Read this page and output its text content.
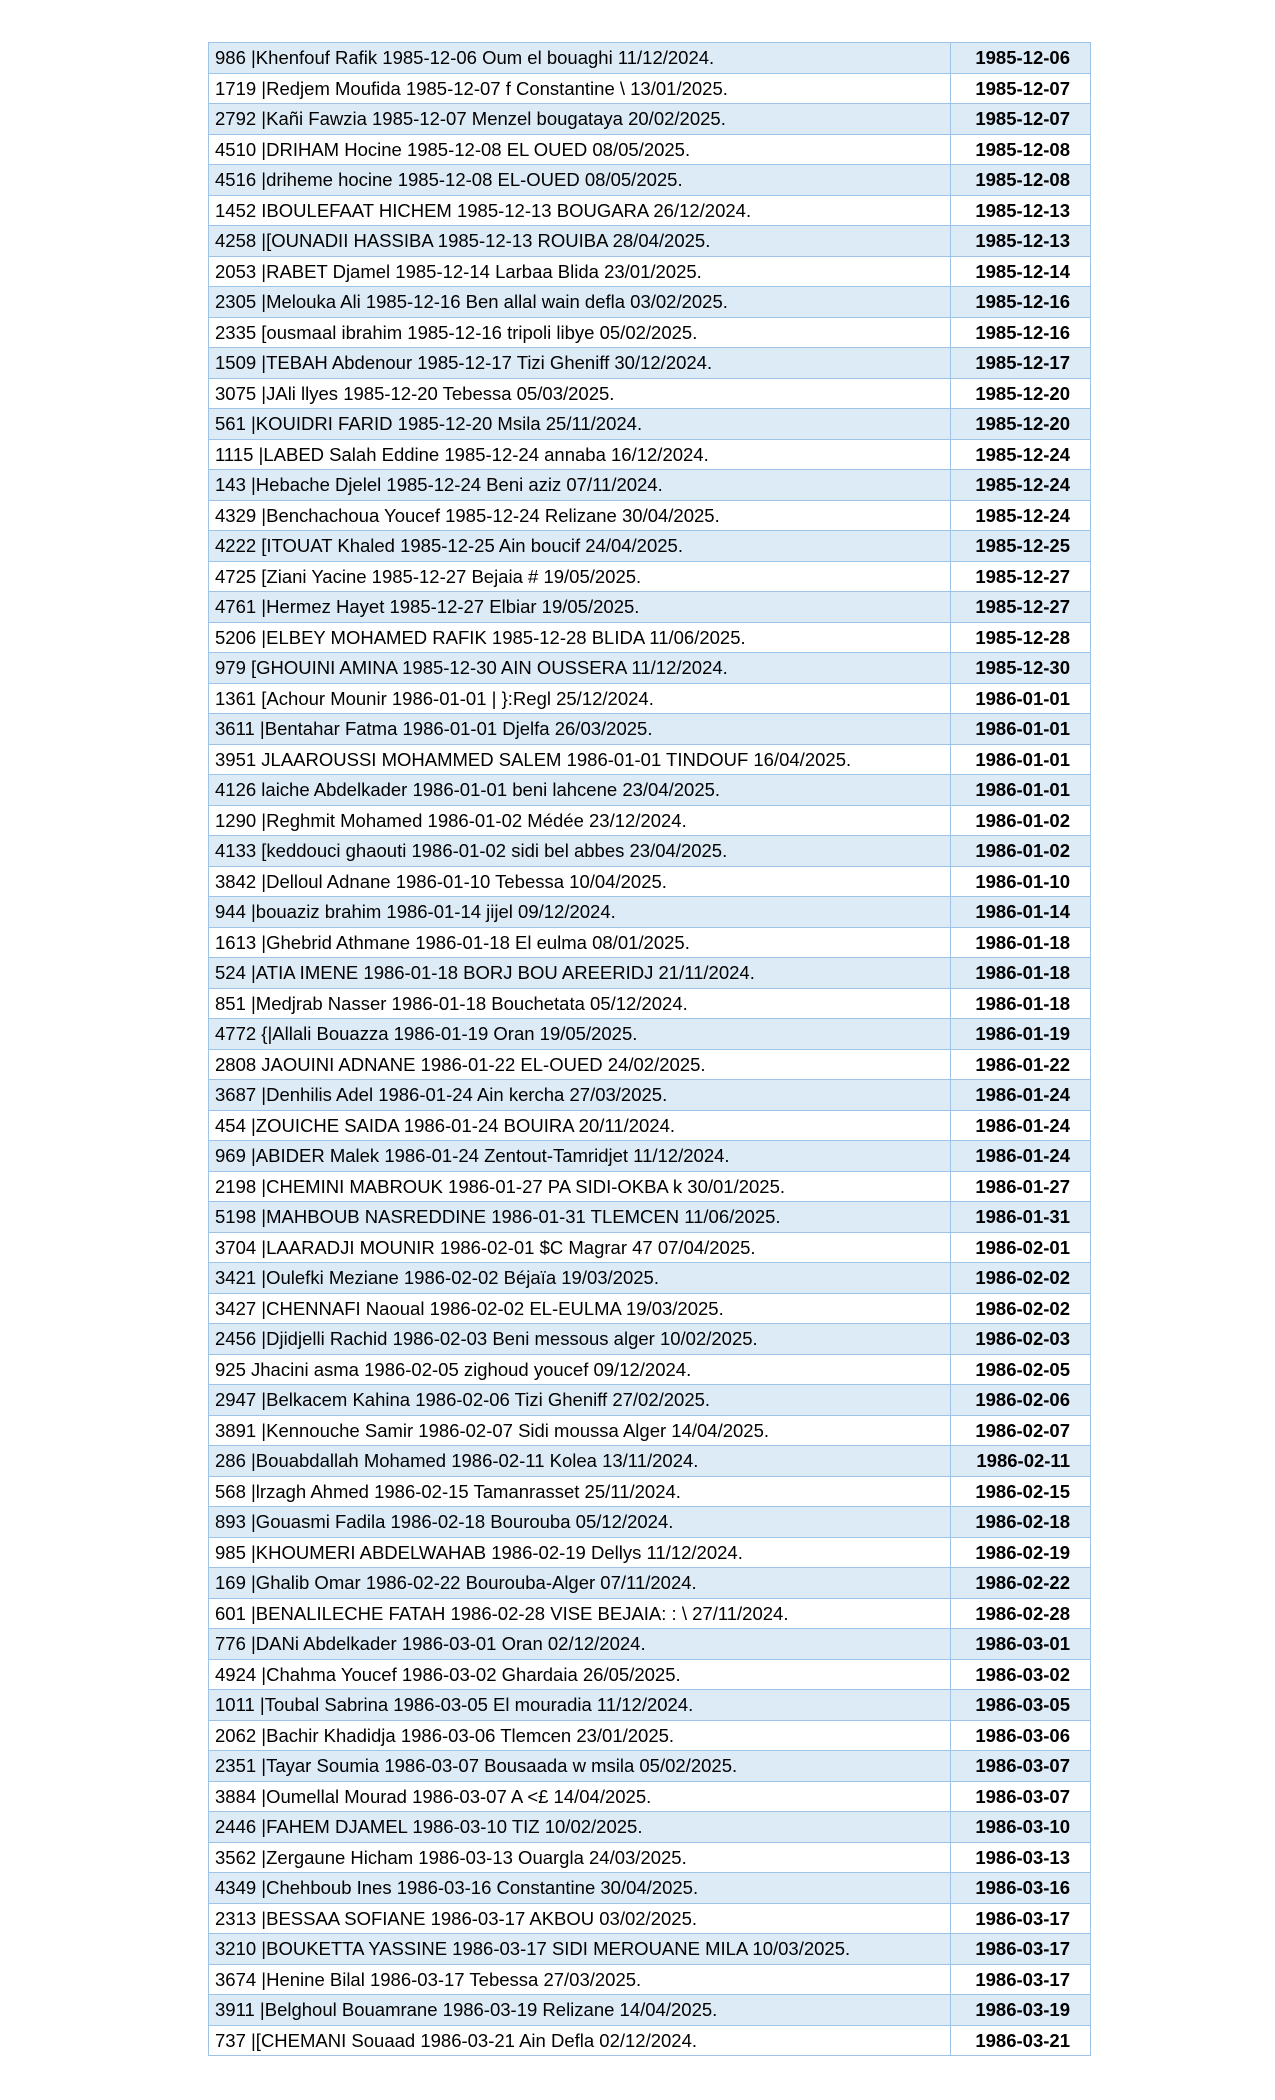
986 |Khenfouf Rafik 1985-12-06 Oum el bouaghi 11/12/2024.	1985-12-06
1719 |Redjem Moufida 1985-12-07 f Constantine \ 13/01/2025.	1985-12-07
2792 |Kañi Fawzia 1985-12-07 Menzel bougataya 20/02/2025.	1985-12-07
4510 |DRIHAM Hocine 1985-12-08 EL OUED 08/05/2025.	1985-12-08
4516 |driheme hocine 1985-12-08 EL-OUED 08/05/2025.	1985-12-08
1452 IBOULEFAAT HICHEM 1985-12-13 BOUGARA 26/12/2024.	1985-12-13
4258 |[OUNADII HASSIBA 1985-12-13 ROUIBA 28/04/2025.	1985-12-13
2053 |RABET Djamel 1985-12-14 Larbaa Blida 23/01/2025.	1985-12-14
2305 |Melouka Ali 1985-12-16 Ben allal wain defla 03/02/2025.	1985-12-16
2335 [ousmaal ibrahim 1985-12-16 tripoli libye 05/02/2025.	1985-12-16
1509 |TEBAH Abdenour 1985-12-17 Tizi Gheniff 30/12/2024.	1985-12-17
3075 |JAli llyes 1985-12-20 Tebessa 05/03/2025.	1985-12-20
561 |KOUIDRI FARID 1985-12-20 Msila 25/11/2024.	1985-12-20
1115 |LABED Salah Eddine 1985-12-24 annaba 16/12/2024.	1985-12-24
143 |Hebache Djelel 1985-12-24 Beni aziz 07/11/2024.	1985-12-24
4329 |Benchachoua Youcef 1985-12-24 Relizane 30/04/2025.	1985-12-24
4222 [ITOUAT Khaled 1985-12-25 Ain boucif 24/04/2025.	1985-12-25
4725 [Ziani Yacine 1985-12-27 Bejaia # 19/05/2025.	1985-12-27
4761 |Hermez Hayet 1985-12-27 Elbiar 19/05/2025.	1985-12-27
5206 |ELBEY MOHAMED RAFIK 1985-12-28 BLIDA 11/06/2025.	1985-12-28
979 [GHOUINI AMINA 1985-12-30 AIN OUSSERA 11/12/2024.	1985-12-30
1361 [Achour Mounir 1986-01-01 | }:Regl 25/12/2024.	1986-01-01
3611 |Bentahar Fatma 1986-01-01 Djelfa 26/03/2025.	1986-01-01
3951 JLAAROUSSI MOHAMMED SALEM 1986-01-01 TINDOUF 16/04/2025.	1986-01-01
4126 laiche Abdelkader 1986-01-01 beni lahcene 23/04/2025.	1986-01-01
1290 |Reghmit Mohamed 1986-01-02 Médée 23/12/2024.	1986-01-02
4133 [keddouci ghaouti 1986-01-02 sidi bel abbes 23/04/2025.	1986-01-02
3842 |Delloul Adnane 1986-01-10 Tebessa 10/04/2025.	1986-01-10
944 |bouaziz brahim 1986-01-14 jijel 09/12/2024.	1986-01-14
1613 |Ghebrid Athmane 1986-01-18 El eulma 08/01/2025.	1986-01-18
524 |ATIA IMENE 1986-01-18 BORJ BOU AREERIDJ 21/11/2024.	1986-01-18
851 |Medjrab Nasser 1986-01-18 Bouchetata 05/12/2024.	1986-01-18
4772 {|Allali Bouazza 1986-01-19 Oran 19/05/2025.	1986-01-19
2808 JAOUINI ADNANE 1986-01-22 EL-OUED 24/02/2025.	1986-01-22
3687 |Denhilis Adel 1986-01-24 Ain kercha 27/03/2025.	1986-01-24
454 |ZOUICHE SAIDA 1986-01-24 BOUIRA 20/11/2024.	1986-01-24
969 |ABIDER Malek 1986-01-24 Zentout-Tamridjet 11/12/2024.	1986-01-24
2198 |CHEMINI MABROUK 1986-01-27 PA SIDI-OKBA k 30/01/2025.	1986-01-27
5198 |MAHBOUB NASREDDINE 1986-01-31 TLEMCEN 11/06/2025.	1986-01-31
3704 |LAARADJI MOUNIR 1986-02-01 $C Magrar 47 07/04/2025.	1986-02-01
3421 |Oulefki Meziane 1986-02-02 Béjaïa 19/03/2025.	1986-02-02
3427 |CHENNAFI Naoual 1986-02-02 EL-EULMA 19/03/2025.	1986-02-02
2456 |Djidjelli Rachid 1986-02-03 Beni messous alger 10/02/2025.	1986-02-03
925 Jhacini asma 1986-02-05 zighoud youcef 09/12/2024.	1986-02-05
2947 |Belkacem Kahina 1986-02-06 Tizi Gheniff 27/02/2025.	1986-02-06
3891 |Kennouche Samir 1986-02-07 Sidi moussa Alger 14/04/2025.	1986-02-07
286 |Bouabdallah Mohamed 1986-02-11 Kolea 13/11/2024.	1986-02-11
568 |lrzagh Ahmed 1986-02-15 Tamanrasset 25/11/2024.	1986-02-15
893 |Gouasmi Fadila 1986-02-18 Bourouba 05/12/2024.	1986-02-18
985 |KHOUMERI ABDELWAHAB 1986-02-19 Dellys 11/12/2024.	1986-02-19
169 |Ghalib Omar 1986-02-22 Bourouba-Alger 07/11/2024.	1986-02-22
601 |BENALILECHE FATAH 1986-02-28 VISE BEJAIA: : \ 27/11/2024.	1986-02-28
776 |DANi Abdelkader 1986-03-01 Oran 02/12/2024.	1986-03-01
4924 |Chahma Youcef 1986-03-02 Ghardaia 26/05/2025.	1986-03-02
1011 |Toubal Sabrina 1986-03-05 El mouradia 11/12/2024.	1986-03-05
2062 |Bachir Khadidja 1986-03-06 Tlemcen 23/01/2025.	1986-03-06
2351 |Tayar Soumia 1986-03-07 Bousaada w msila 05/02/2025.	1986-03-07
3884 |Oumellal Mourad 1986-03-07 A <£ 14/04/2025.	1986-03-07
2446 |FAHEM DJAMEL 1986-03-10 TIZ 10/02/2025.	1986-03-10
3562 |Zergaune Hicham 1986-03-13 Ouargla 24/03/2025.	1986-03-13
4349 |Chehboub Ines 1986-03-16 Constantine 30/04/2025.	1986-03-16
2313 |BESSAA SOFIANE 1986-03-17 AKBOU 03/02/2025.	1986-03-17
3210 |BOUKETTA YASSINE 1986-03-17 SIDI MEROUANE MILA 10/03/2025.	1986-03-17
3674 |Henine Bilal 1986-03-17 Tebessa 27/03/2025.	1986-03-17
3911 |Belghoul Bouamrane 1986-03-19 Relizane 14/04/2025.	1986-03-19
737 |[CHEMANI Souaad 1986-03-21 Ain Defla 02/12/2024.	1986-03-21
